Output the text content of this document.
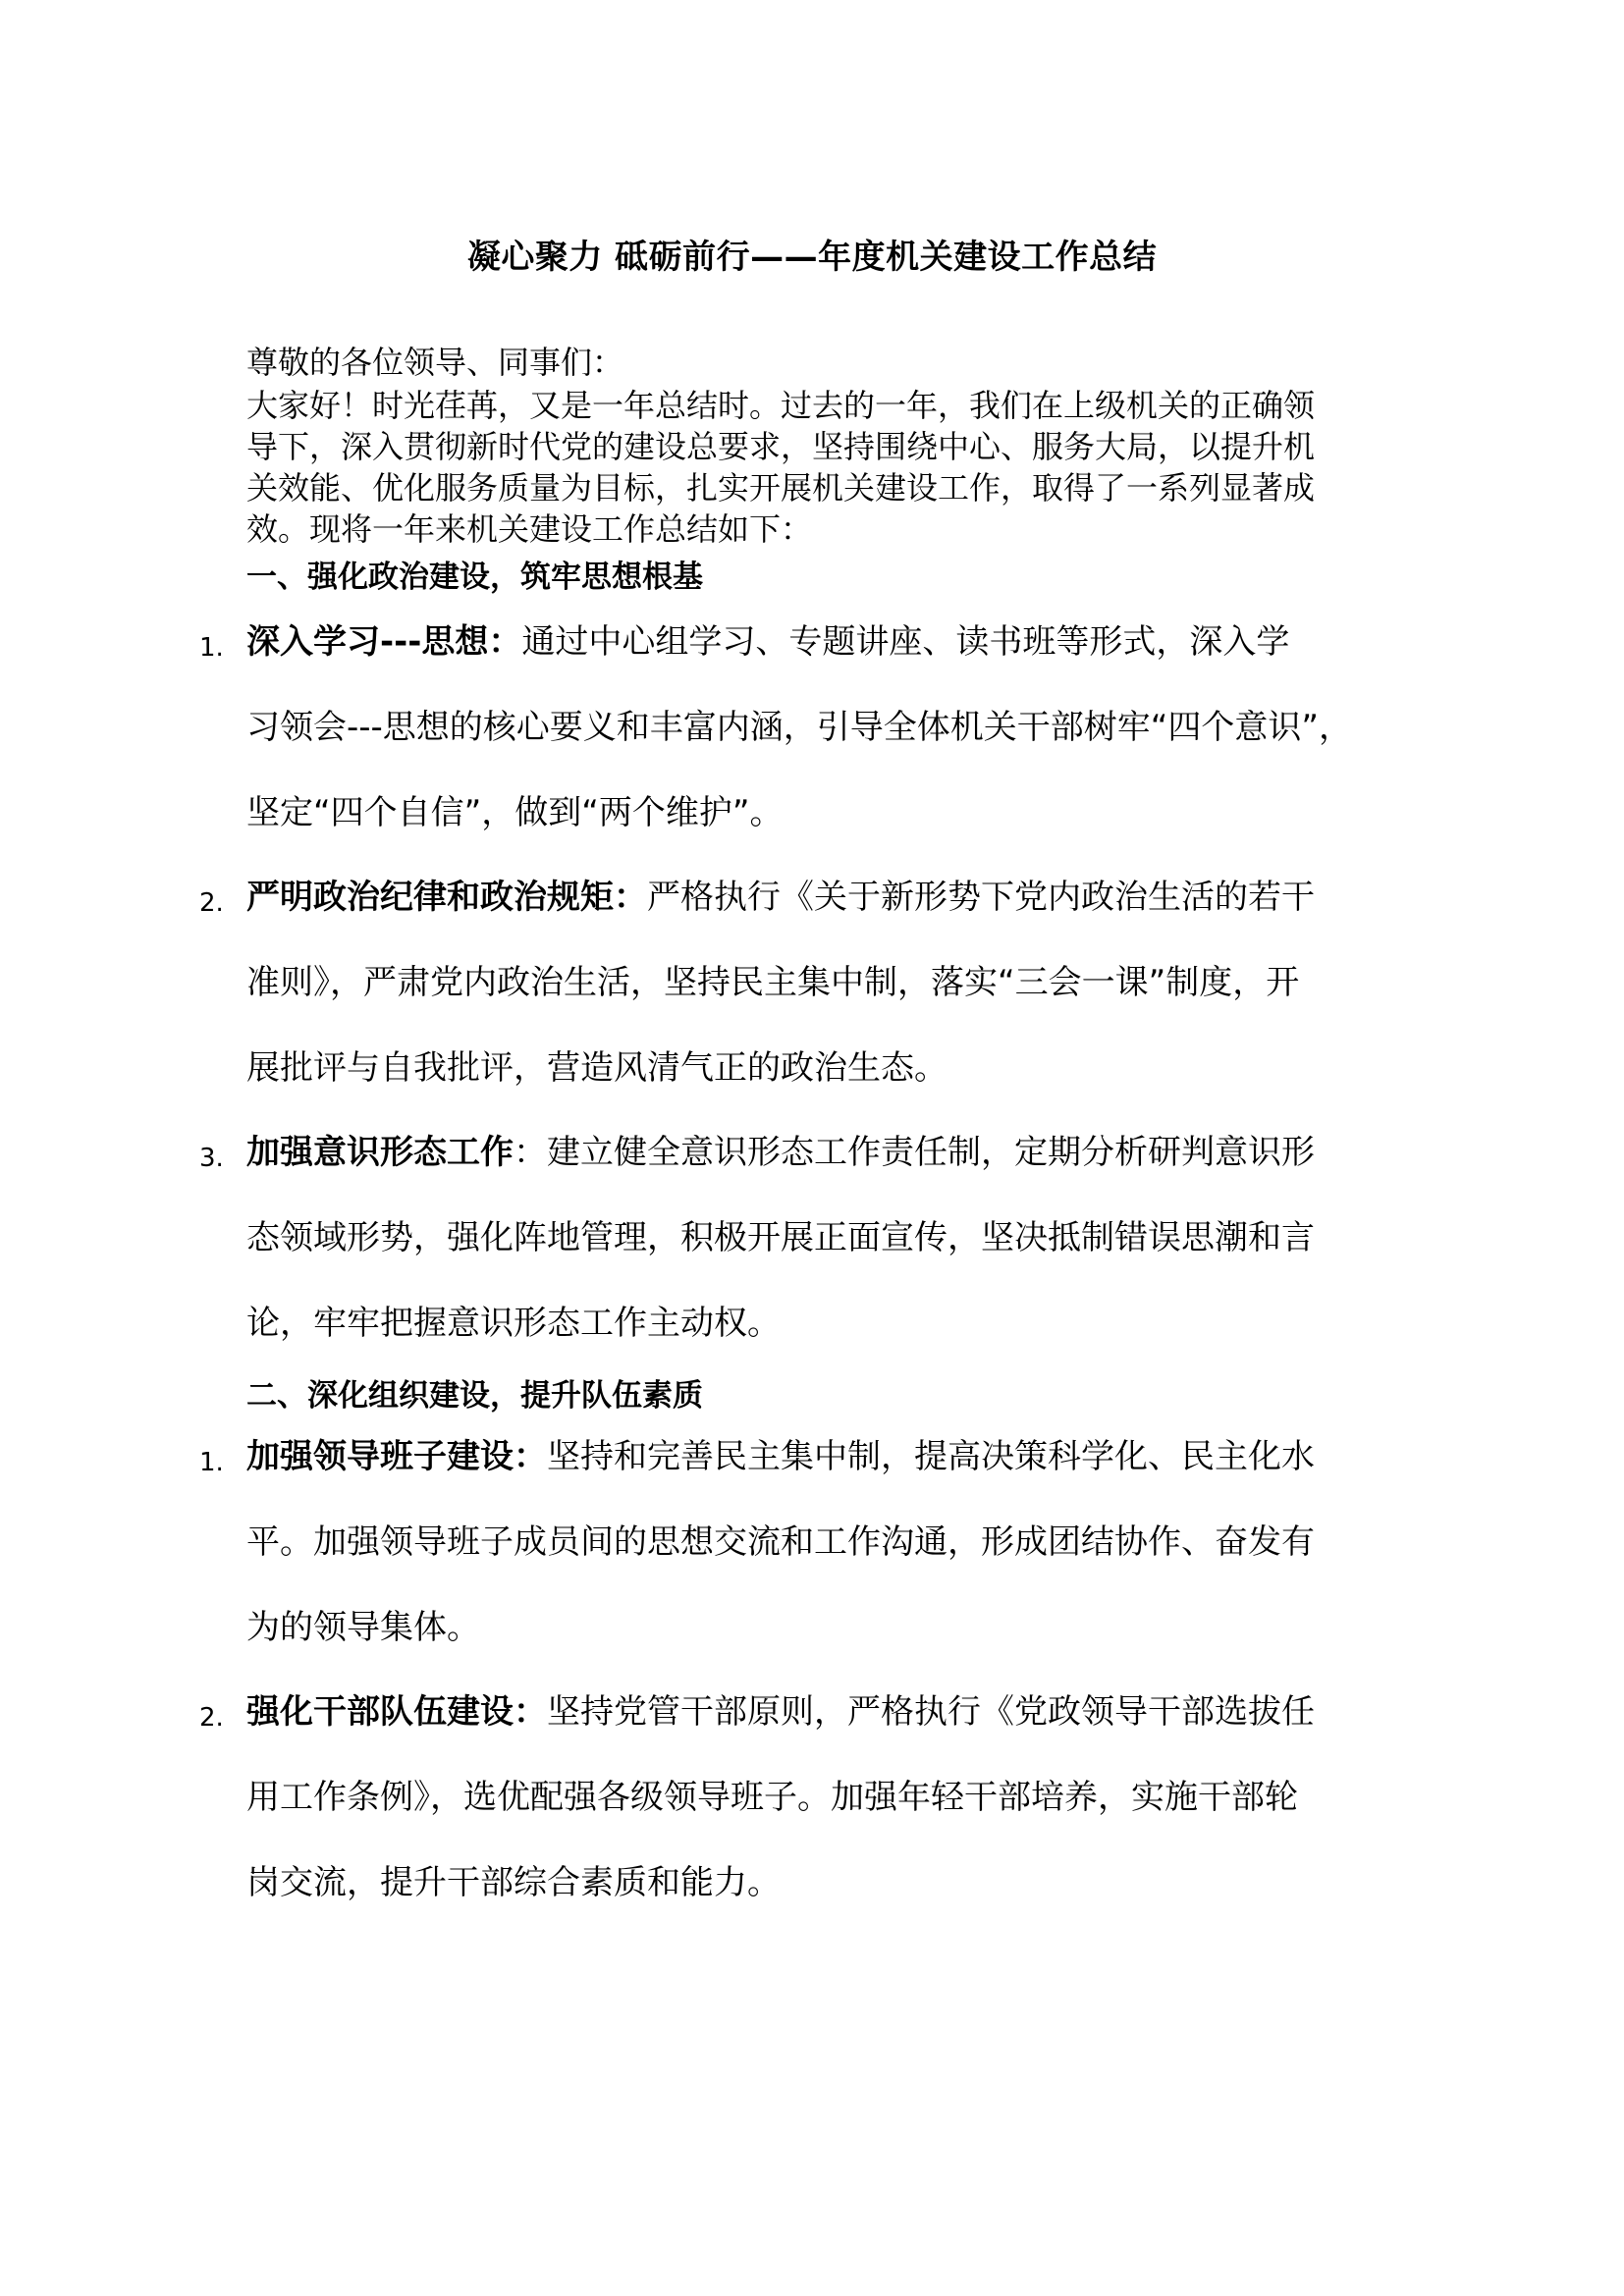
凝心聚力 砥砺前行——年度机关建设工作总结
尊敬的各位领导、同事们：

大家好！时光荏苒，又是一年总结时。过去的一年，我们在上级机关的正确领

导下，深入贯彻新时代党的建设总要求，坚持围绕中心、服务大局，以提升机

关效能、优化服务质量为目标，扎实开展机关建设工作，取得了一系列显著成

效。现将一年来机关建设工作总结如下：

一、强化政治建设，筑牢思想根基
1. 深入学习---思想：通过中心组学习、专题讲座、读书班等形式，深入学
习领会---思想的核心要义和丰富内涵，引导全体机关干部树牢“四个意识”，
坚定“四个自信”，做到“两个维护”。
2. 严明政治纪律和政治规矩：严格执行《关于新形势下党内政治生活的若干
准则》，严肃党内政治生活，坚持民主集中制，落实“三会一课”制度，开
展批评与自我批评，营造风清气正的政治生态。
3. 加强意识形态工作：建立健全意识形态工作责任制，定期分析研判意识形
态领域形势，强化阵地管理，积极开展正面宣传，坚决抵制错误思潮和言
论，牢牢把握意识形态工作主动权。
二、深化组织建设，提升队伍素质
1. 加强领导班子建设：坚持和完善民主集中制，提高决策科学化、民主化水
平。加强领导班子成员间的思想交流和工作沟通，形成团结协作、奋发有
为的领导集体。
2. 强化干部队伍建设：坚持党管干部原则，严格执行《党政领导干部选拔任
用工作条例》，选优配强各级领导班子。加强年轻干部培养，实施干部轮
岗交流，提升干部综合素质和能力。
